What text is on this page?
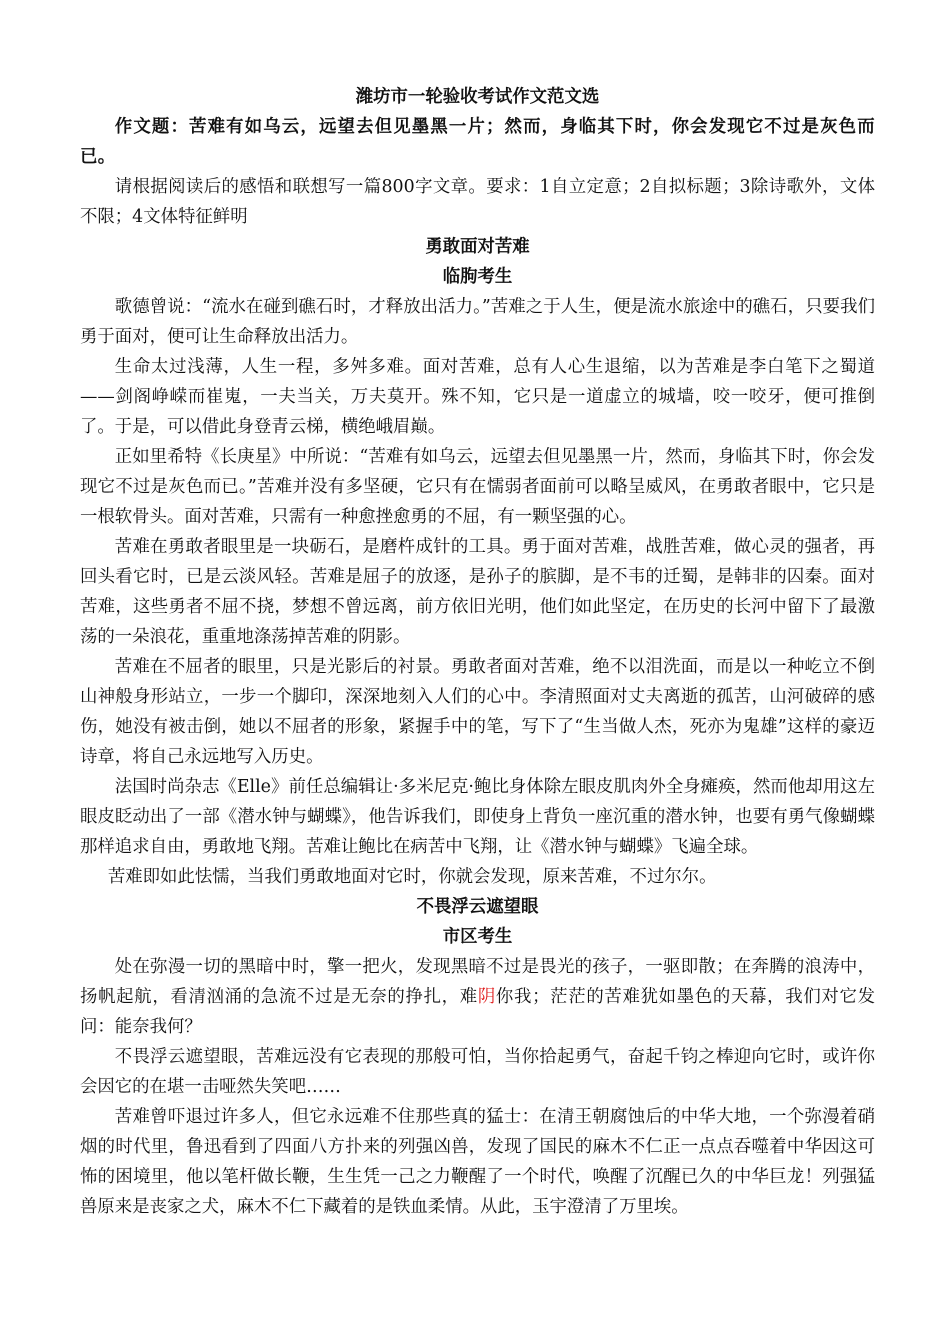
潍坊市一轮验收考试作文范文选

作文题：苦难有如乌云，远望去但见墨黑一片；然而，身临其下时，你会发现它不过是灰色而已。

请根据阅读后的感悟和联想写一篇800字文章。要求：1自立定意；2自拟标题；3除诗歌外，文体不限；4文体特征鲜明

勇敢面对苦难
临朐考生

歌德曾说：“流水在碰到礁石时，才释放出活力。”苦难之于人生，便是流水旅途中的礁石，只要我们勇于面对，便可让生命释放出活力。

生命太过浅薄，人生一程，多舛多难。面对苦难，总有人心生退缩，以为苦难是李白笔下之蜀道——剑阁峥嵘而崔嵬，一夫当关，万夫莫开。殊不知，它只是一道虚立的城墙，咬一咬牙，便可推倒了。于是，可以借此身登青云梯，横绝峨眉巅。

正如里希特《长庚星》中所说：“苦难有如乌云，远望去但见墨黑一片，然而，身临其下时，你会发现它不过是灰色而已。”苦难并没有多坚硬，它只有在懦弱者面前可以略呈威风，在勇敢者眼中，它只是一根软骨头。面对苦难，只需有一种愈挫愈勇的不屈，有一颗坚强的心。

苦难在勇敢者眼里是一块砺石，是磨杵成针的工具。勇于面对苦难，战胜苦难，做心灵的强者，再回头看它时，已是云淡风轻。苦难是屈子的放逐，是孙子的膑脚，是不韦的迁蜀，是韩非的囚秦。面对苦难，这些勇者不屈不挠，梦想不曾远离，前方依旧光明，他们如此坚定，在历史的长河中留下了最激荡的一朵浪花，重重地涤荡掉苦难的阴影。

苦难在不屈者的眼里，只是光影后的衬景。勇敢者面对苦难，绝不以泪洗面，而是以一种屹立不倒山神般身形站立，一步一个脚印，深深地刻入人们的心中。李清照面对丈夫离逝的孤苦，山河破碎的感伤，她没有被击倒，她以不屈者的形象，紧握手中的笔，写下了“生当做人杰，死亦为鬼雄”这样的豪迈诗章，将自己永远地写入历史。

法国时尚杂志《Elle》前任总编辑让·多米尼克·鲍比身体除左眼皮肌肉外全身瘫痪，然而他却用这左眼皮眨动出了一部《潜水钟与蝴蝶》，他告诉我们，即使身上背负一座沉重的潜水钟，也要有勇气像蝴蝶那样追求自由，勇敢地飞翔。苦难让鲍比在病苦中飞翔，让《潜水钟与蝴蝶》飞遍全球。

苦难即如此怯懦，当我们勇敢地面对它时，你就会发现，原来苦难，不过尔尔。

不畏浮云遮望眼
市区考生

处在弥漫一切的黑暗中时，擎一把火，发现黑暗不过是畏光的孩子，一驱即散；在奔腾的浪涛中，扬帆起航，看清汹涌的急流不过是无奈的挣扎，难阴你我；茫茫的苦难犹如墨色的天幕，我们对它发问：能奈我何？

不畏浮云遮望眼，苦难远没有它表现的那般可怕，当你拾起勇气，奋起千钧之棒迎向它时，或许你会因它的在堪一击哑然失笑吧……

苦难曾吓退过许多人，但它永远难不住那些真的猛士：在清王朝腐蚀后的中华大地，一个弥漫着硝烟的时代里，鲁迅看到了四面八方扑来的列强凶兽，发现了国民的麻木不仁正一点点吞噬着中华因这可怖的困境里，他以笔杆做长鞭，生生凭一己之力鞭醒了一个时代，唤醒了沉醒已久的中华巨龙！列强猛兽原来是丧家之犬，麻木不仁下藏着的是铁血柔情。从此，玉宇澄清了万里埃。
